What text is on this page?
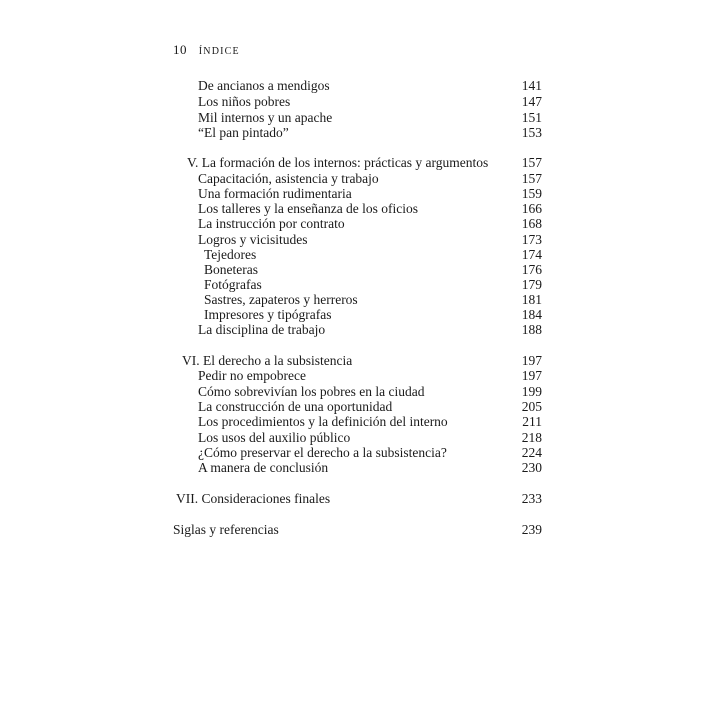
10 ÍNDICE
De ancianos a mendigos	141
Los niños pobres	147
Mil internos y un apache	151
“El pan pintado”	153
V. La formación de los internos: prácticas y argumentos 157
Capacitación, asistencia y trabajo	157
Una formación rudimentaria	159
Los talleres y la enseñanza de los oficios	166
La instrucción por contrato	168
Logros y vicisitudes	173
Tejedores	174
Boneteras	176
Fotógrafas	179
Sastres, zapateros y herreros	181
Impresores y tipógrafas	184
La disciplina de trabajo	188
VI. El derecho a la subsistencia	197
Pedir no empobrece	197
Cómo sobrevivían los pobres en la ciudad	199
La construcción de una oportunidad	205
Los procedimientos y la definición del interno	211
Los usos del auxilio público	218
¿Cómo preservar el derecho a la subsistencia?	224
A manera de conclusión	230
VII. Consideraciones finales	233
Siglas y referencias	239
